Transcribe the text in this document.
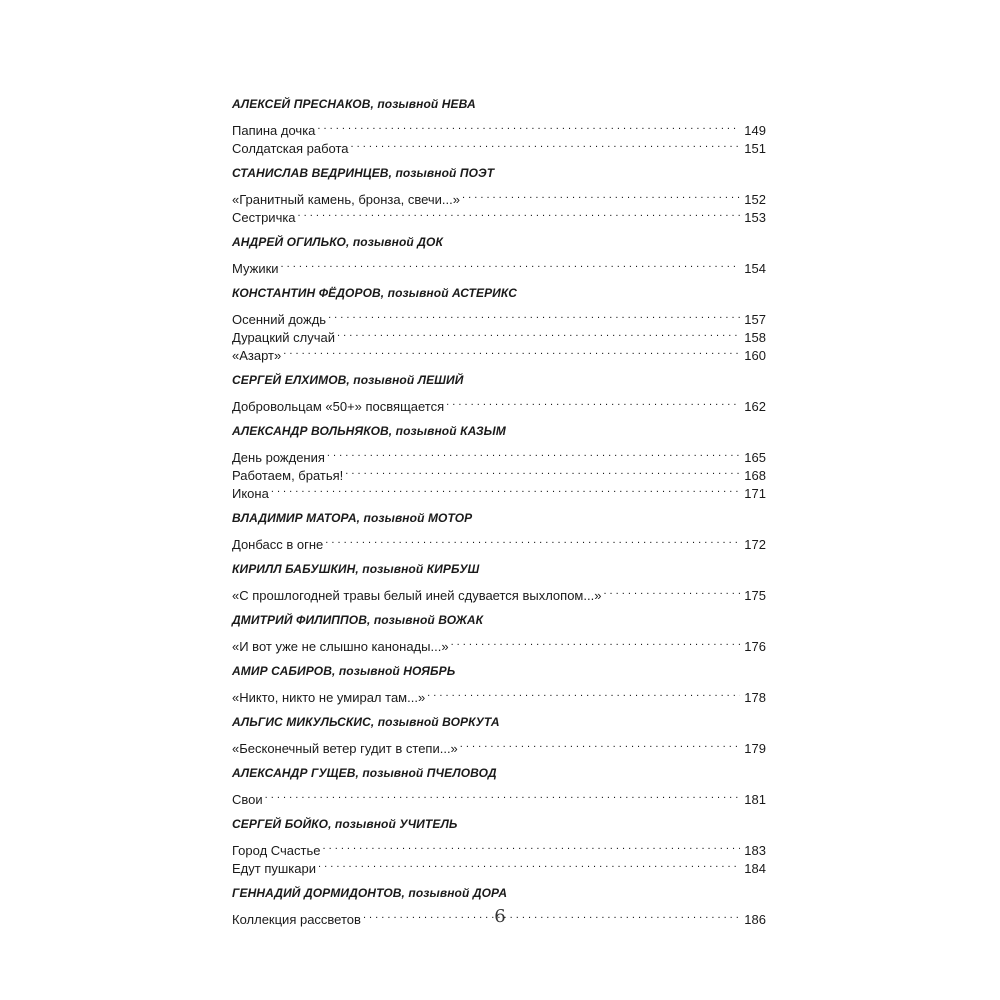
АЛЕКСЕЙ ПРЕСНАКОВ, позывной НЕВА
Папина дочка . . .	149
Солдатская работа . . .	151
СТАНИСЛАВ ВЕДРИНЦЕВ, позывной ПОЭТ
«Гранитный камень, бронза, свечи...» . . .	152
Сестричка . . .	153
АНДРЕЙ ОГИЛЬКО, позывной ДОК
Мужики . . .	154
КОНСТАНТИН ФЁДОРОВ, позывной АСТЕРИКС
Осенний дождь . . .	157
Дурацкий случай . . .	158
«Азарт» . . .	160
СЕРГЕЙ ЕЛХИМОВ, позывной ЛЕШИЙ
Добровольцам «50+» посвящается . . .	162
АЛЕКСАНДР ВОЛЬНЯКОВ, позывной КАЗЫМ
День рождения . . .	165
Работаем, братья! . . .	168
Икона . . .	171
ВЛАДИМИР МАТОРА, позывной МОТОР
Донбасс в огне . . .	172
КИРИЛЛ БАБУШКИН, позывной КИРБУШ
«С прошлогодней травы белый иней сдувается выхлопом...» . . .	175
ДМИТРИЙ ФИЛИППОВ, позывной ВОЖАК
«И вот уже не слышно канонады...» . . .	176
АМИР САБИРОВ, позывной НОЯБРЬ
«Никто, никто не умирал там...» . . .	178
АЛЬГИС МИКУЛЬСКИС, позывной ВОРКУТА
«Бесконечный ветер гудит в степи...» . . .	179
АЛЕКСАНДР ГУЩЕВ, позывной ПЧЕЛОВОД
Свои . . .	181
СЕРГЕЙ БОЙКО, позывной УЧИТЕЛЬ
Город Счастье . . .	183
Едут пушкари . . .	184
ГЕННАДИЙ ДОРМИДОНТОВ, позывной ДОРА
Коллекция рассветов . . .	186
6
